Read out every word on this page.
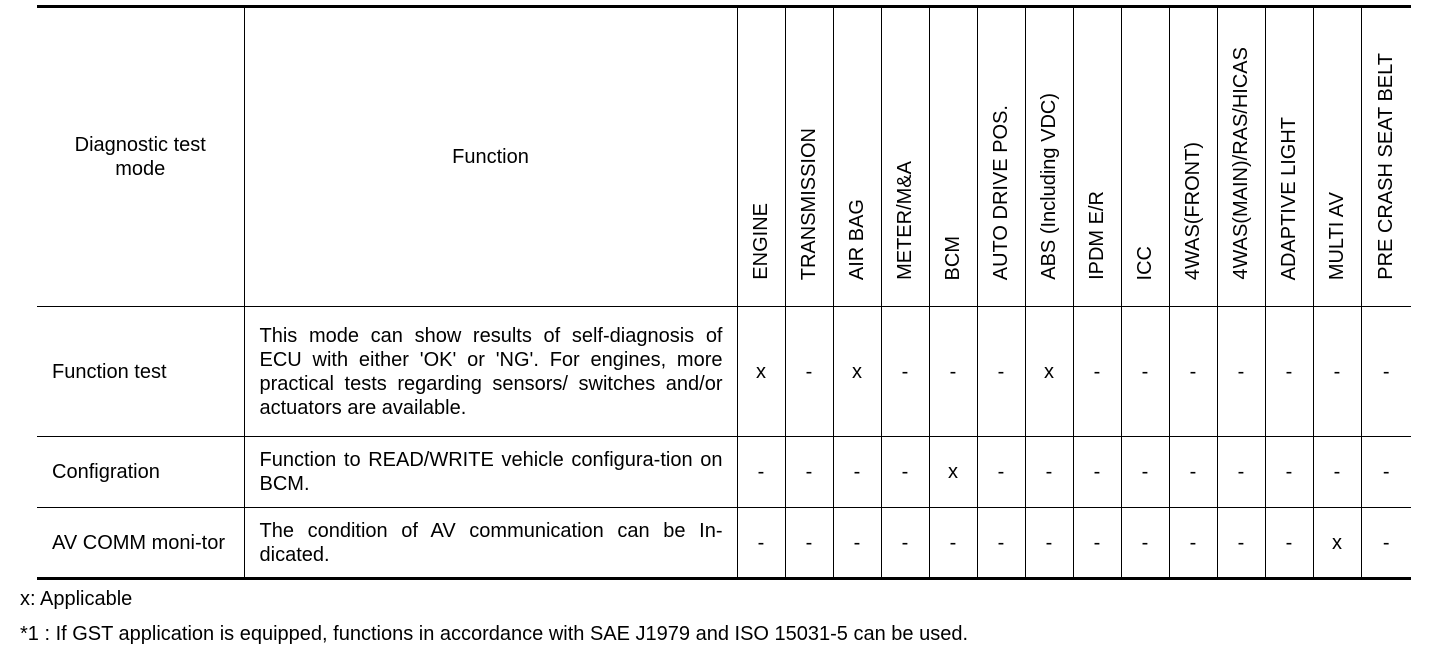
Diagnostic test mode	Function	ENGINE	TRANSMISSION	AIR BAG	METER/M&A	BCM	AUTO DRIVE POS.	ABS (Including VDC)	IPDM E/R	ICC	4WAS(FRONT)	4WAS(MAIN)/RAS/HICAS	ADAPTIVE LIGHT	MULTI AV	PRE CRASH SEAT BELT
Function test	This mode can show results of self-diagnosis of ECU with either 'OK' or 'NG'. For engines, more practical tests regarding sensors/ switches and/or actuators are available.	x	-	x	-	-	-	x	-	-	-	-	-	-	-
Configration	Function to READ/WRITE vehicle configura-tion on BCM.	-	-	-	-	x	-	-	-	-	-	-	-	-	-
AV COMM moni-tor	The condition of AV communication can be In-dicated.	-	-	-	-	-	-	-	-	-	-	-	-	x	-
x: Applicable
*1 : If GST application is equipped, functions in accordance with SAE J1979 and ISO 15031-5 can be used.
